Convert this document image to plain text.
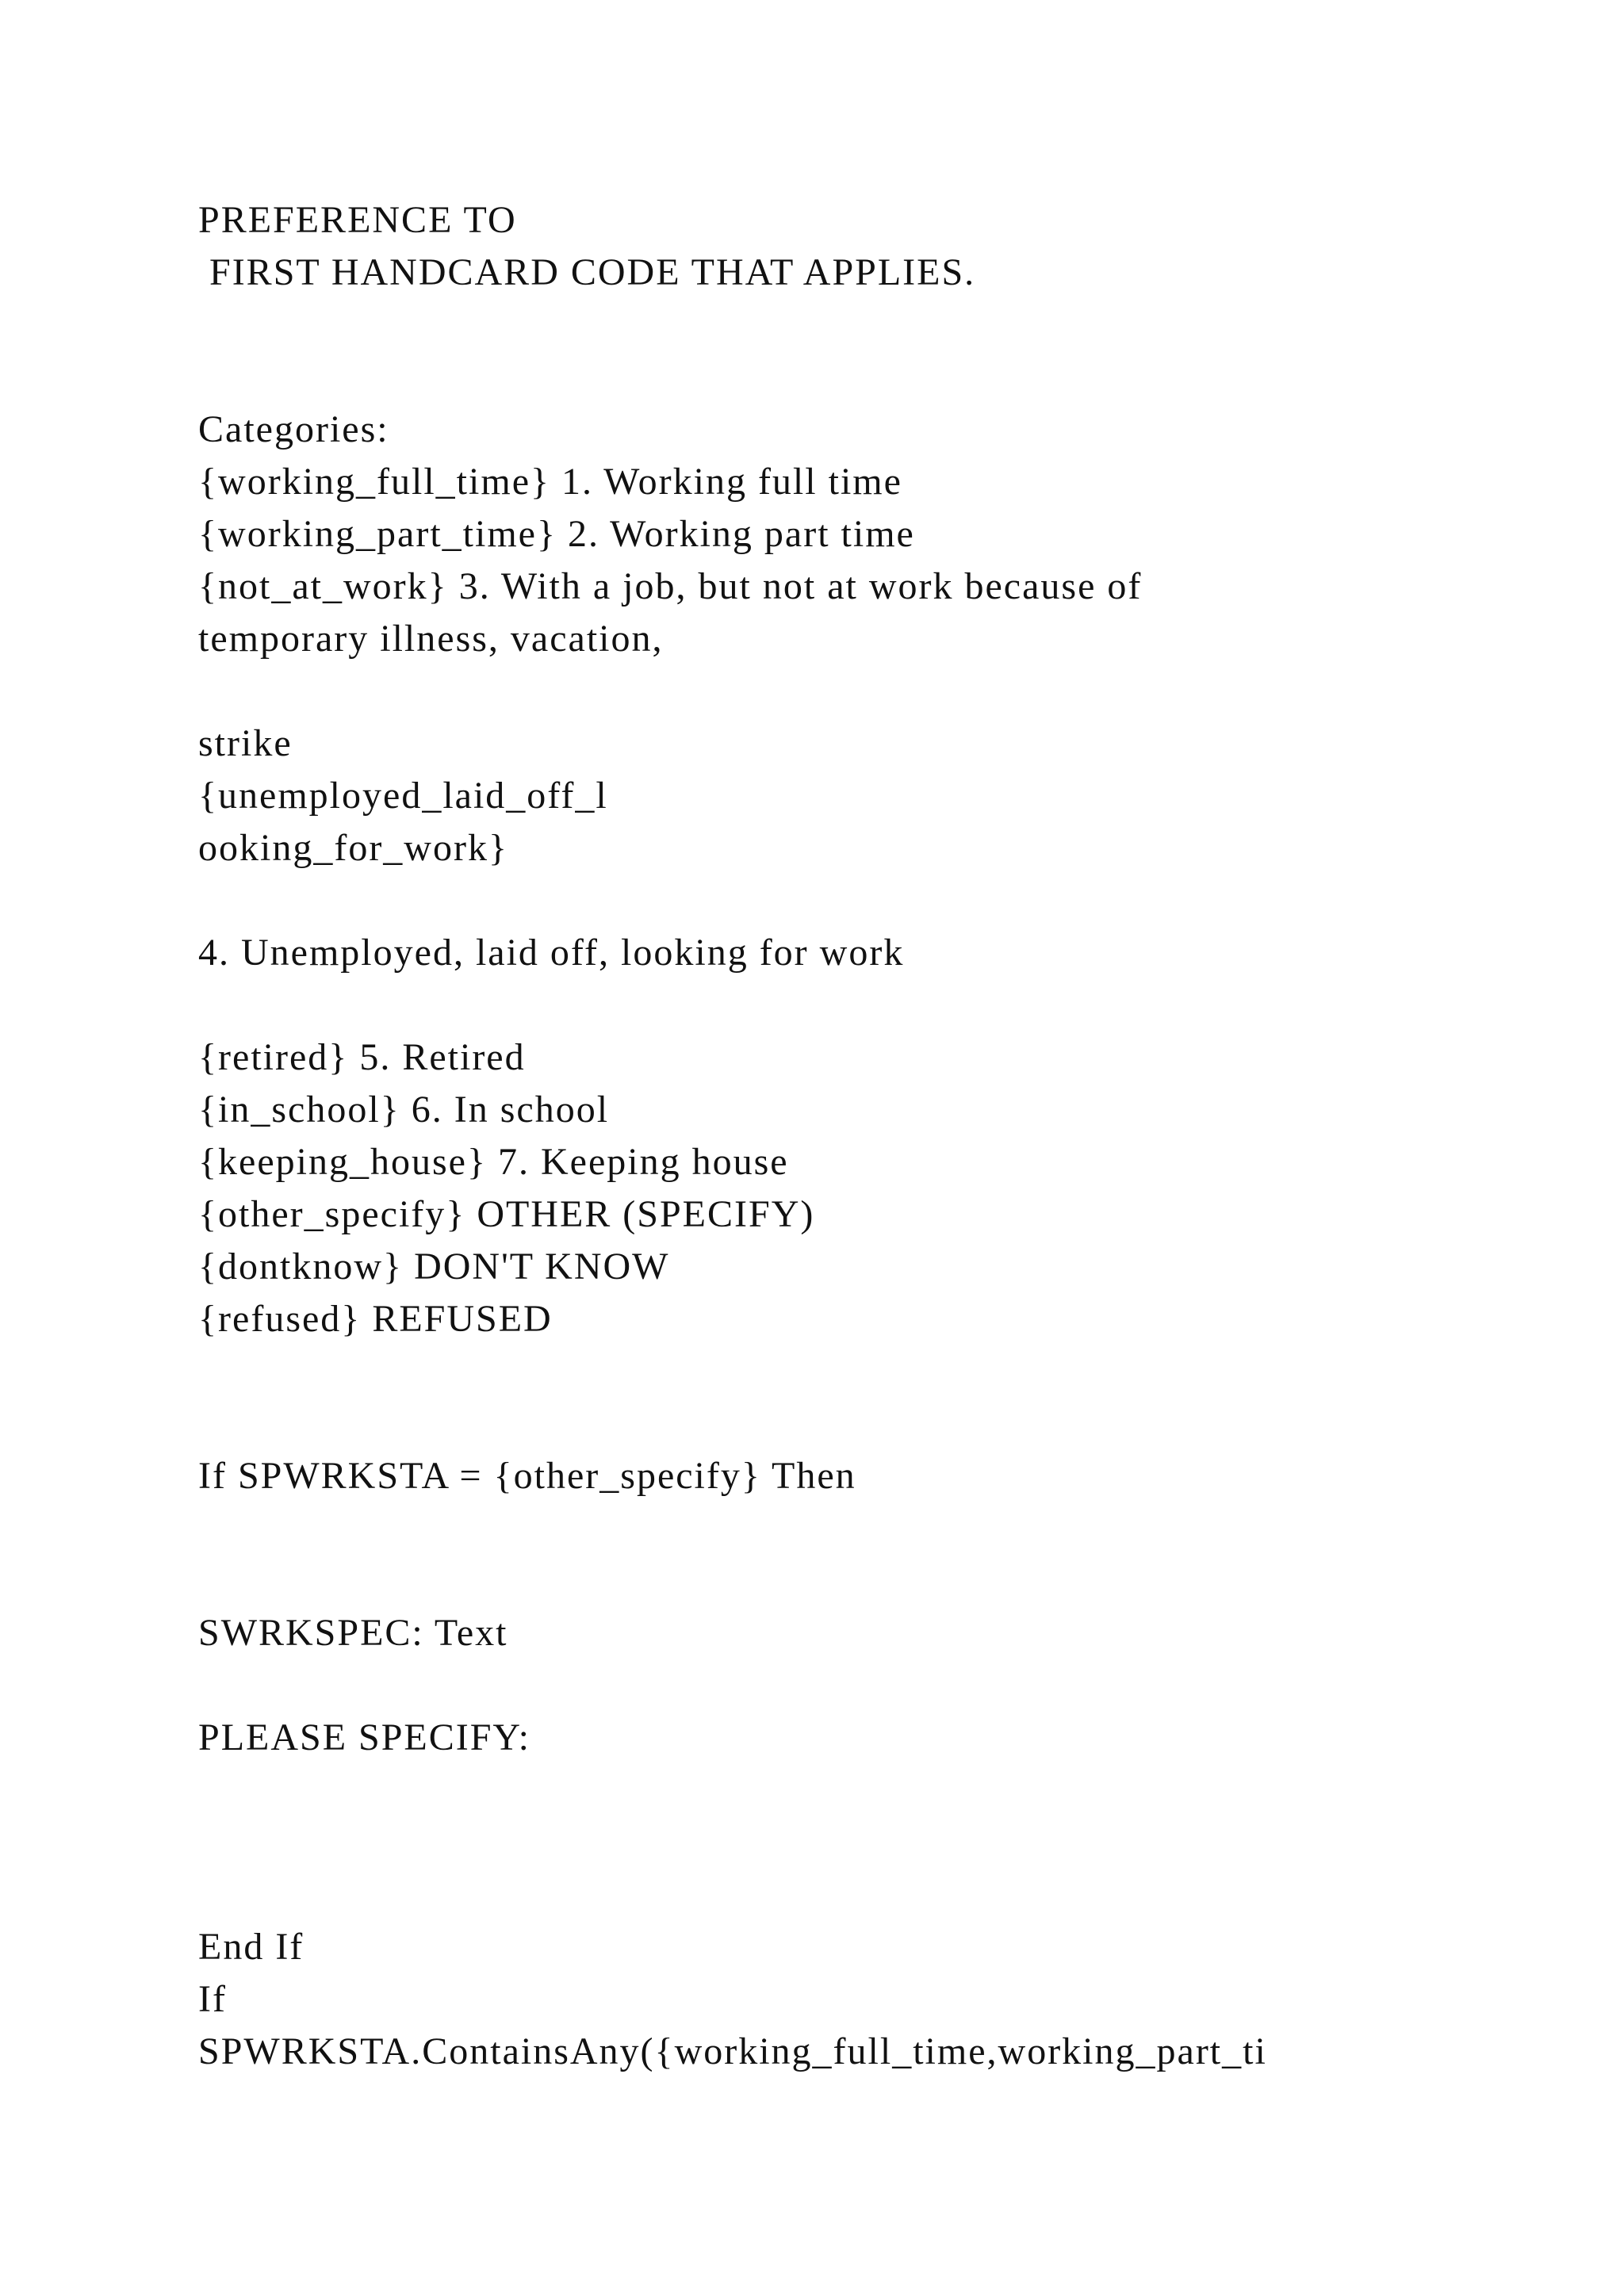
PREFERENCE TO
FIRST HANDCARD CODE THAT APPLIES.
Categories:
{working_full_time} 1. Working full time
{working_part_time} 2. Working part time
{not_at_work} 3. With a job, but not at work because of
temporary illness, vacation,
strike
{unemployed_laid_off_l
ooking_for_work}
4. Unemployed, laid off, looking for work
{retired} 5. Retired
{in_school} 6. In school
{keeping_house} 7. Keeping house
{other_specify} OTHER (SPECIFY)
{dontknow} DON'T KNOW
{refused} REFUSED
If SPWRKSTA = {other_specify} Then
SWRKSPEC: Text
PLEASE SPECIFY:
End If
If
SPWRKSTA.ContainsAny({working_full_time,working_part_ti
